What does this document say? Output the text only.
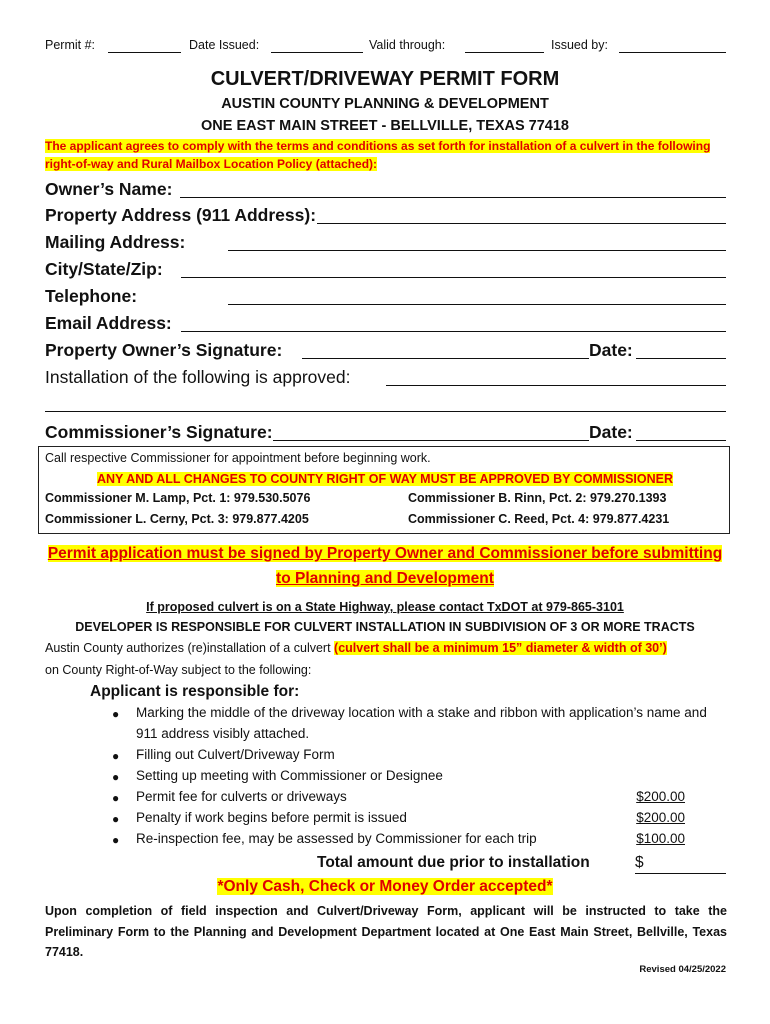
Permit #:	Date Issued:	Valid through:	Issued by:
CULVERT/DRIVEWAY PERMIT FORM
AUSTIN COUNTY PLANNING & DEVELOPMENT
ONE EAST MAIN STREET - BELLVILLE, TEXAS 77418
The applicant agrees to comply with the terms and conditions as set forth for installation of a culvert in the following right-of-way and Rural Mailbox Location Policy (attached):
Owner’s Name:
Property Address (911 Address):
Mailing Address:
City/State/Zip:
Telephone:
Email Address:
Property Owner’s Signature:	Date:
Installation of the following is approved:
Commissioner’s Signature:	Date:
Call respective Commissioner for appointment before beginning work.
ANY AND ALL CHANGES TO COUNTY RIGHT OF WAY MUST BE APPROVED BY COMMISSIONER
Commissioner M. Lamp, Pct. 1: 979.530.5076	Commissioner B. Rinn, Pct. 2: 979.270.1393
Commissioner L. Cerny, Pct. 3: 979.877.4205	Commissioner C. Reed, Pct. 4: 979.877.4231
Permit application must be signed by Property Owner and Commissioner before submitting
to Planning and Development
If proposed culvert is on a State Highway, please contact TxDOT at 979-865-3101
DEVELOPER IS RESPONSIBLE FOR CULVERT INSTALLATION IN SUBDIVISION OF 3 OR MORE TRACTS
Austin County authorizes (re)installation of a culvert (culvert shall be a minimum 15” diameter & width of 30’)
on County Right-of-Way subject to the following:
Applicant is responsible for:
● Marking the middle of the driveway location with a stake and ribbon with application’s name and
911 address visibly attached.
● Filling out Culvert/Driveway Form
● Setting up meeting with Commissioner or Designee
● Permit fee for culverts or driveways	$200.00
● Penalty if work begins before permit is issued	$200.00
● Re-inspection fee, may be assessed by Commissioner for each trip	$100.00
Total amount due prior to installation	$
*Only Cash, Check or Money Order accepted*
Upon completion of field inspection and Culvert/Driveway Form, applicant will be instructed to take the Preliminary Form to the Planning and Development Department located at One East Main Street, Bellville, Texas 77418.
Revised 04/25/2022
